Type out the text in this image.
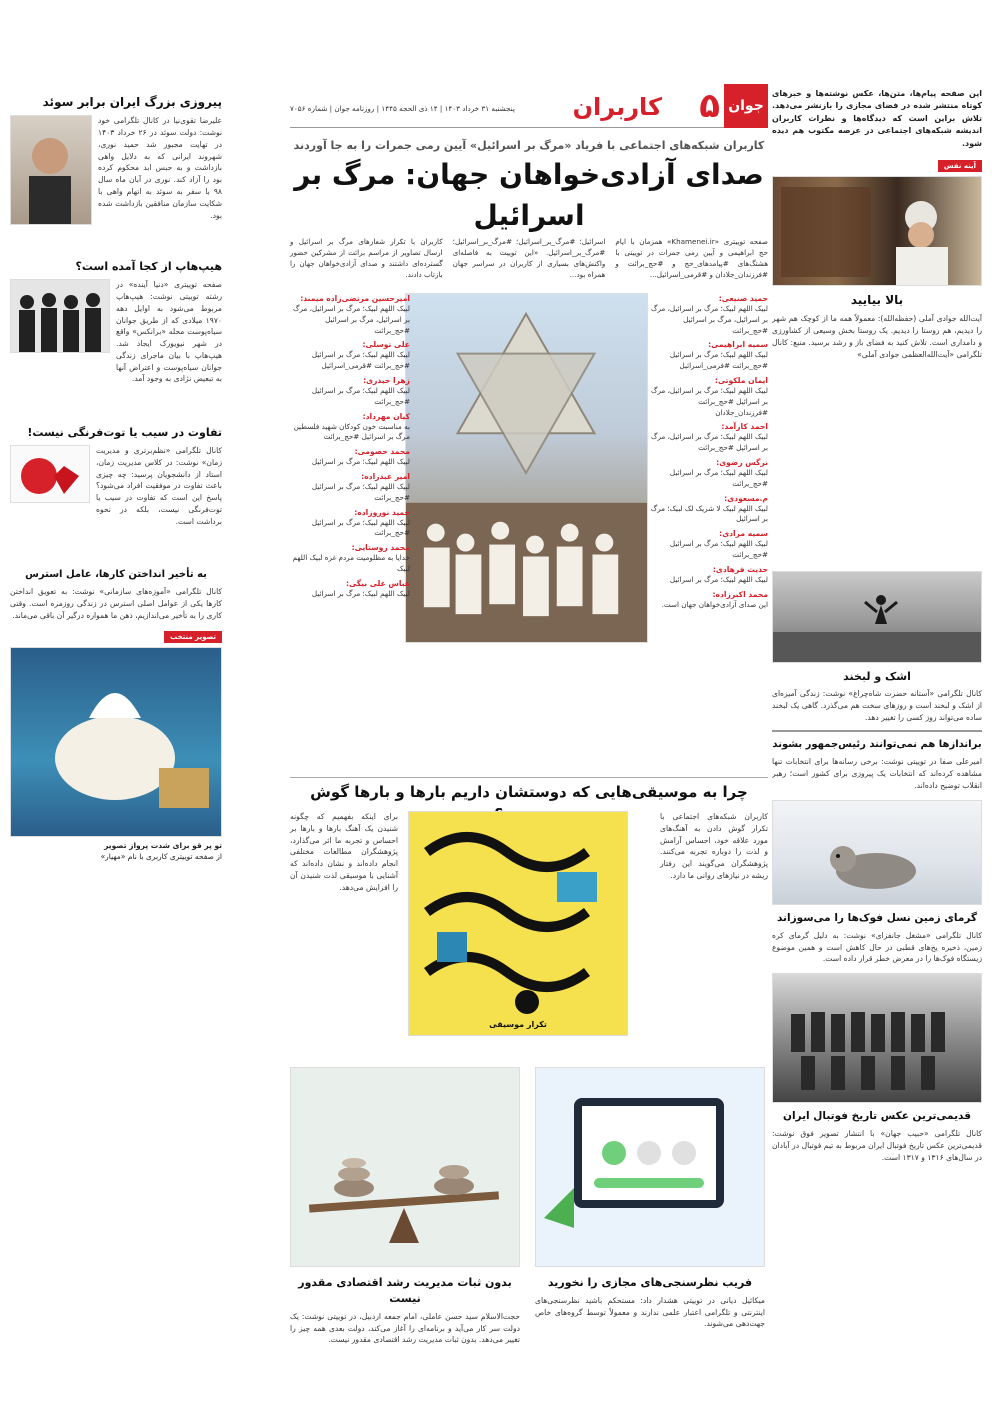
این صفحه پیام‌ها، متن‌ها، عکس نوشته‌ها و خبرهای کوتاه منتشر شده در فضای مجازی را بازنشر می‌دهد. تلاش براین است که دیدگاه‌ها و نظرات کاربران اندیشه شبکه‌های اجتماعی در عرصه مکتوب هم دیده شود.
آینه نفس
بالا بیایید
آیت‌الله جوادی آملی (حفظه‌الله): معمولاً همه ما از کوچک هم شهر را دیدیم، هم روستا را دیدیم. یک روستا بخش وسیعی از کشاورزی و دامداری است. تلاش کنید به فضای باز و رشد برسید. منبع: کانال تلگرامی «آیت‌الله‌العظمی جوادی آملی»
اشک و لبخند
کانال تلگرامی «آستانه حضرت شاه‌چراغ» نوشت: زندگی آمیزه‌ای از اشک و لبخند است و روزهای سخت هم می‌گذرد. گاهی یک لبخند ساده می‌تواند روز کسی را تغییر دهد.
برانداز‌ها هم نمی‌توانند رئیس‌جمهور بشوند
امیرعلی صفا در توییتی نوشت: برخی رسانه‌ها برای انتخابات تنها مشاهده کرده‌اند که انتخابات یک پیروزی برای کشور است؛ رهبر انقلاب توضیح داده‌اند.
گرمای زمین نسل فوک‌ها را می‌سوزاند
کانال تلگرامی «مشغل جانفزای» نوشت: به دلیل گرمای کره زمین، ذخیره یخ‌های قطبی در حال کاهش است و همین موضوع زیستگاه فوک‌ها را در معرض خطر قرار داده است.
قدیمی‌ترین عکس تاریخ فوتبال ایران
کانال تلگرامی «حبیب جهان» با انتشار تصویر فوق نوشت: قدیمی‌ترین عکس تاریخ فوتبال ایران مربوط به تیم فوتبال در آبادان در سال‌های ۱۳۱۶ و ۱۳۱۷ است.
جوان
۵
کاربران
پنجشنبه ۳۱ خرداد ۱۴۰۳ | ۱۴ ذی الحجه ۱۴۴۵ | روزنامه جوان | شماره ۷۰۵۶
کاربران شبکه‌های اجتماعی با فریاد «مرگ بر اسرائیل» آیین رمی جمرات را به جا آوردند
صدای آزادی‌خواهان جهان: مرگ بر اسرائیل
صفحه توییتری «Khamenei.ir» همزمان با ایام حج ابراهیمی و آیین رمی جمرات در توییتی با هشتگ‌های #پیامدهای_حج و #حج_برائت و #فرزندان_جلادان و #قرمی_اسرائیل...
اسرائیل؛ #مرگ_بر_اسرائیل؛ #مرگ_بر_اسرائیل؛ #مرگ_بر_اسرائیل. «این توییت به فاصله‌ای واکنش‌های بسیاری از کاربران در سراسر جهان همراه بود...
کاربران با تکرار شعارهای مرگ بر اسرائیل و ارسال تصاویر از مراسم برائت از مشرکین حضور گسترده‌ای داشتند و صدای آزادی‌خواهان جهان را بازتاب دادند.
حمید صنیعی:
لبیک اللهم لبیک؛ مرگ بر اسرائیل، مرگ بر اسرائیل، مرگ بر اسرائیل #حج_برائت
سمیه ابراهیمی:
لبیک اللهم لبیک؛ مرگ بر اسرائیل #حج_برائت #فرمی_اسرائیل
ایمان ملکوتی:
لبیک اللهم لبیک؛ مرگ بر اسرائیل، مرگ بر اسرائیل #حج_برائت #فرزندان_جلادان
احمد کارآمد:
لبیک اللهم لبیک؛ مرگ بر اسرائیل، مرگ بر اسرائیل #حج_برائت
نرگس رضوی:
لبیک اللهم لبیک؛ مرگ بر اسرائیل #حج_برائت
م.مسعودی:
لبیک اللهم لبیک لا شریک لک لبیک؛ مرگ بر اسرائیل
سمیه مرادی:
لبیک اللهم لبیک؛ مرگ بر اسرائیل #حج_برائت
حدیث فرهادی:
لبیک اللهم لبیک؛ مرگ بر اسرائیل
محمد اکبرزاده:
این صدای آزادی‌خواهان جهان است.
امیرحسین مرتضی‌زاده میمند:
لبیک اللهم لبیک؛ مرگ بر اسرائیل، مرگ بر اسرائیل، مرگ بر اسرائیل #حج_برائت
علی توسلی:
لبیک اللهم لبیک؛ مرگ بر اسرائیل #حج_برائت #قرمی_اسرائیل
زهرا حیدری:
لبیک اللهم لبیک؛ مرگ بر اسرائیل #حج_برائت
کیان مهرداد:
به مناسبت خون کودکان شهید فلسطین مرگ بر اسرائیل #حج_برائت
محمد حصومی:
لبیک اللهم لبیک؛ مرگ بر اسرائیل
امیر عبدزاده:
لبیک اللهم لبیک؛ مرگ بر اسرائیل #حج_برائت
حمید نوروزاده:
لبیک اللهم لبیک؛ مرگ بر اسرائیل #حج_برائت
محمد روستایی:
خدایا به مظلومیت مردم غزه لبیک اللهم لبیک
عباس علی بیگی:
لبیک اللهم لبیک؛ مرگ بر اسرائیل
چرا به موسیقی‌هایی که دوستشان داریم بارها و بارها گوش
کاربران شبکه‌های اجتماعی با تکرار گوش دادن به آهنگ‌های مورد علاقه خود، احساس آرامش و لذت را دوباره تجربه می‌کنند. پژوهشگران می‌گویند این رفتار ریشه در نیازهای روانی ما دارد.
تکرار موسیقی
برای اینکه بفهمیم که چگونه شنیدن یک آهنگ بارها و بارها بر احساس و تجربه ما اثر می‌گذارد، پژوهشگران مطالعات مختلفی انجام داده‌اند و نشان داده‌اند که آشنایی با موسیقی لذت شنیدن آن را افزایش می‌دهد.
فریب نظرسنجی‌های مجازی را نخورید
میکائیل دیانی در توییتی هشدار داد: مستحکم باشید نظرسنجی‌های اینترنتی و تلگرامی اعتبار علمی ندارند و معمولاً توسط گروه‌های خاص جهت‌دهی می‌شوند.
بدون ثبات مدیریت رشد اقتصادی مقدور نیست
حجت‌الاسلام سید حسن عاملی، امام جمعه اردبیل، در توییتی نوشت: یک دولت سر کار می‌آید و برنامه‌ای را آغاز می‌کند، دولت بعدی همه چیز را تغییر می‌دهد. بدون ثبات مدیریت رشد اقتصادی مقدور نیست.
پیروزی بزرگ ایران برابر سوئد
علیرضا تقوی‌نیا در کانال تلگرامی خود نوشت: دولت سوئد در ۲۶ خرداد ۱۴۰۳ در تهایت مجبور شد حمید نوری، شهروند ایرانی که به دلایل واهی بازداشت و به حبس ابد محکوم کرده بود را آزاد کند. نوری در آبان ماه سال ۹۸ با سفر به سوئد به اتهام واهی با شکایت سازمان منافقین بازداشت شده بود.
هیپ‌هاپ از کجا آمده است؟
صفحه توییتری «دنیا آینده» در رشته توییتی نوشت: هیپ‌هاپ مربوط می‌شود به اوایل دهه ۱۹۷۰ میلادی که از طریق جوانان سیاه‌پوست محله «برانکس» واقع در شهر نیویورک ایجاد شد. هیپ‌هاپ با بیان ماجرای زندگی جوانان سیاه‌پوست و اعتراض آنها به تبعیض نژادی به وجود آمد.
تفاوت در سیب یا توت‌فرنگی نیست!
کانال تلگرامی «نظم‌برتری و مدیریت زمان» نوشت: در کلاس مدیریت زمان، استاد از دانشجویان پرسید: چه چیزی باعث تفاوت در موفقیت افراد می‌شود؟ پاسخ این است که تفاوت در سیب یا توت‌فرنگی نیست، بلکه در نحوه برداشت است.
به تأخیر انداختن کارها، عامل استرس
کانال تلگرامی «آموزه‌های سازمانی» نوشت: به تعویق انداختن کارها یکی از عوامل اصلی استرس در زندگی روزمره است. وقتی کاری را به تأخیر می‌اندازیم، ذهن ما همواره درگیر آن باقی می‌ماند.
تصویر منتخب
تو پر قو برای شدت پرواز تصویر
از صفحه توییتری کاربری با نام «مهیار»
